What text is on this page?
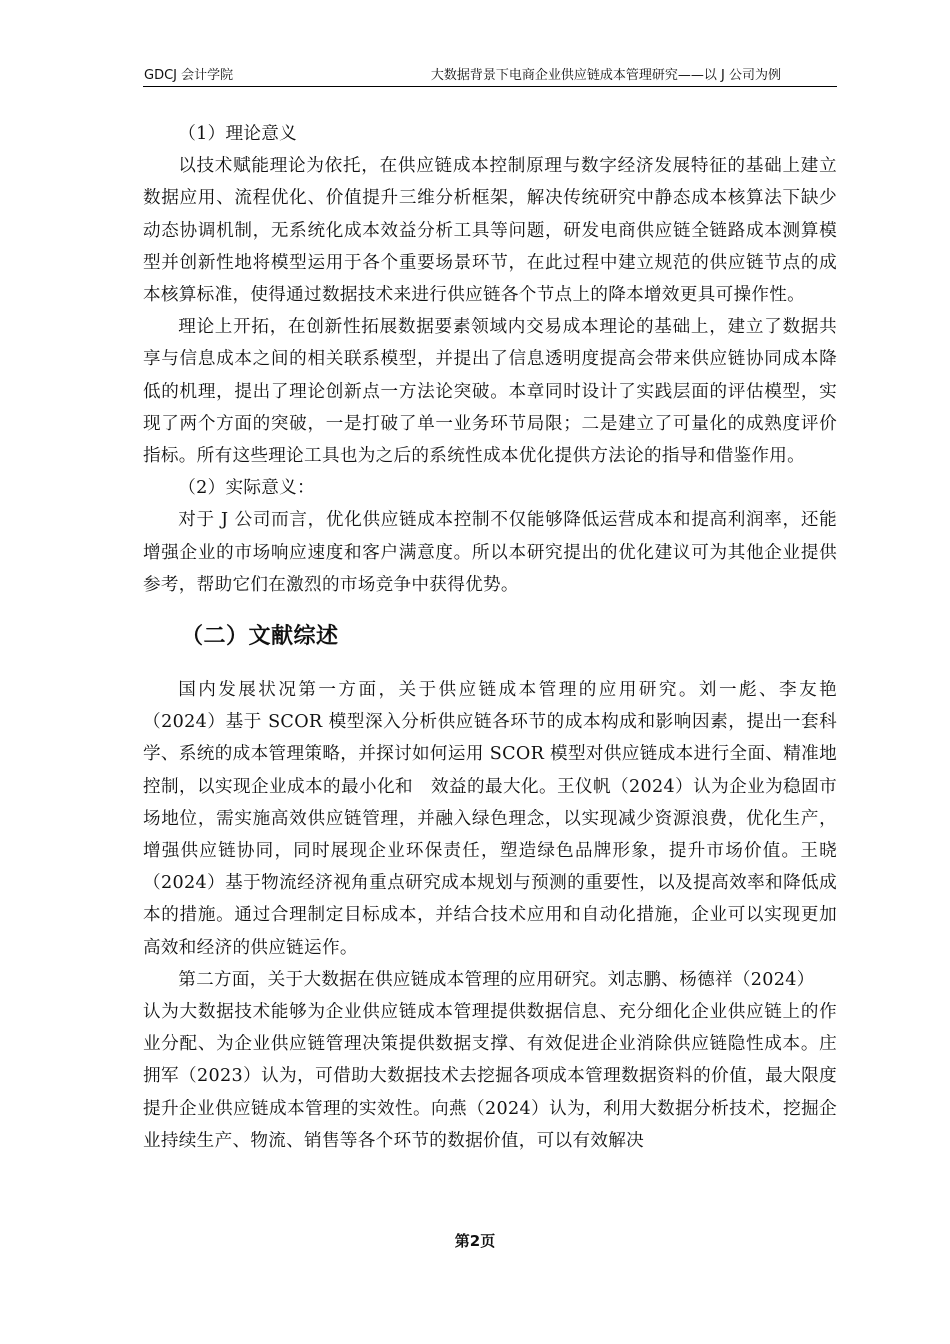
GDCJ 会计学院	大数据背景下电商企业供应链成本管理研究——以 J 公司为例

（1）理论意义

以技术赋能理论为依托，在供应链成本控制原理与数字经济发展特征的基础上建立数据应用、流程优化、价值提升三维分析框架，解决传统研究中静态成本核算法下缺少动态协调机制，无系统化成本效益分析工具等问题，研发电商供应链全链路成本测算模型并创新性地将模型运用于各个重要场景环节，在此过程中建立规范的供应链节点的成本核算标准，使得通过数据技术来进行供应链各个节点上的降本增效更具可操作性。

理论上开拓，在创新性拓展数据要素领域内交易成本理论的基础上，建立了数据共享与信息成本之间的相关联系模型，并提出了信息透明度提高会带来供应链协同成本降低的机理，提出了理论创新点一方法论突破。本章同时设计了实践层面的评估模型，实现了两个方面的突破，一是打破了单一业务环节局限；二是建立了可量化的成熟度评价指标。所有这些理论工具也为之后的系统性成本优化提供方法论的指导和借鉴作用。

（2）实际意义：

对于 J 公司而言，优化供应链成本控制不仅能够降低运营成本和提高利润率，还能增强企业的市场响应速度和客户满意度。所以本研究提出的优化建议可为其他企业提供参考，帮助它们在激烈的市场竞争中获得优势。

（二）文献综述

国内发展状况第一方面，关于供应链成本管理的应用研究。刘一彪、李友艳（2024）基于 SCOR 模型深入分析供应链各环节的成本构成和影响因素，提出一套科学、系统的成本管理策略，并探讨如何运用 SCOR 模型对供应链成本进行全面、精准地控制，以实现企业成本的最小化和　效益的最大化。王仪帆（2024）认为企业为稳固市场地位，需实施高效供应链管理，并融入绿色理念，以实现减少资源浪费，优化生产，增强供应链协同，同时展现企业环保责任，塑造绿色品牌形象，提升市场价值。王晓（2024）基于物流经济视角重点研究成本规划与预测的重要性，以及提高效率和降低成本的措施。通过合理制定目标成本，并结合技术应用和自动化措施，企业可以实现更加高效和经济的供应链运作。

第二方面，关于大数据在供应链成本管理的应用研究。刘志鹏、杨德祥（2024）

认为大数据技术能够为企业供应链成本管理提供数据信息、充分细化企业供应链上的作业分配、为企业供应链管理决策提供数据支撑、有效促进企业消除供应链隐性成本。庄拥军（2023）认为，可借助大数据技术去挖掘各项成本管理数据资料的价值，最大限度提升企业供应链成本管理的实效性。向燕（2024）认为，利用大数据分析技术，挖掘企业持续生产、物流、销售等各个环节的数据价值，可以有效解决

第2页
